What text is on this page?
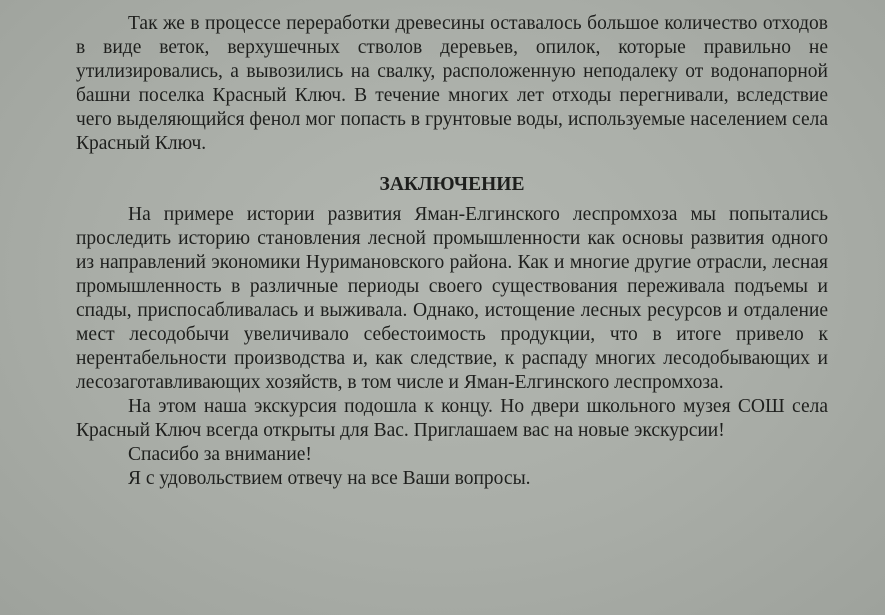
Так же в процессе переработки древесины оставалось большое количество отходов в виде веток, верхушечных стволов деревьев, опилок, которые правильно не утилизировались, а вывозились на свалку, расположенную неподалеку от водонапорной башни поселка Красный Ключ. В течение многих лет отходы перегнивали, вследствие чего выделяющийся фенол мог попасть в грунтовые воды, используемые населением села Красный Ключ.

ЗАКЛЮЧЕНИЕ

На примере истории развития Яман-Елгинского леспромхоза мы попытались проследить историю становления лесной промышленности как основы развития одного из направлений экономики Нуримановского района. Как и многие другие отрасли, лесная промышленность в различные периоды своего существования переживала подъемы и спады, приспосабливалась и выживала. Однако, истощение лесных ресурсов и отдаление мест лесодобычи увеличивало себестоимость продукции, что в итоге привело к нерентабельности производства и, как следствие, к распаду многих лесодобывающих и лесозаготавливающих хозяйств, в том числе и Яман-Елгинского леспромхоза.

На этом наша экскурсия подошла к концу. Но двери школьного музея СОШ села Красный Ключ всегда открыты для Вас. Приглашаем вас на новые экскурсии!

Спасибо за внимание!

Я с удовольствием отвечу на все Ваши вопросы.
